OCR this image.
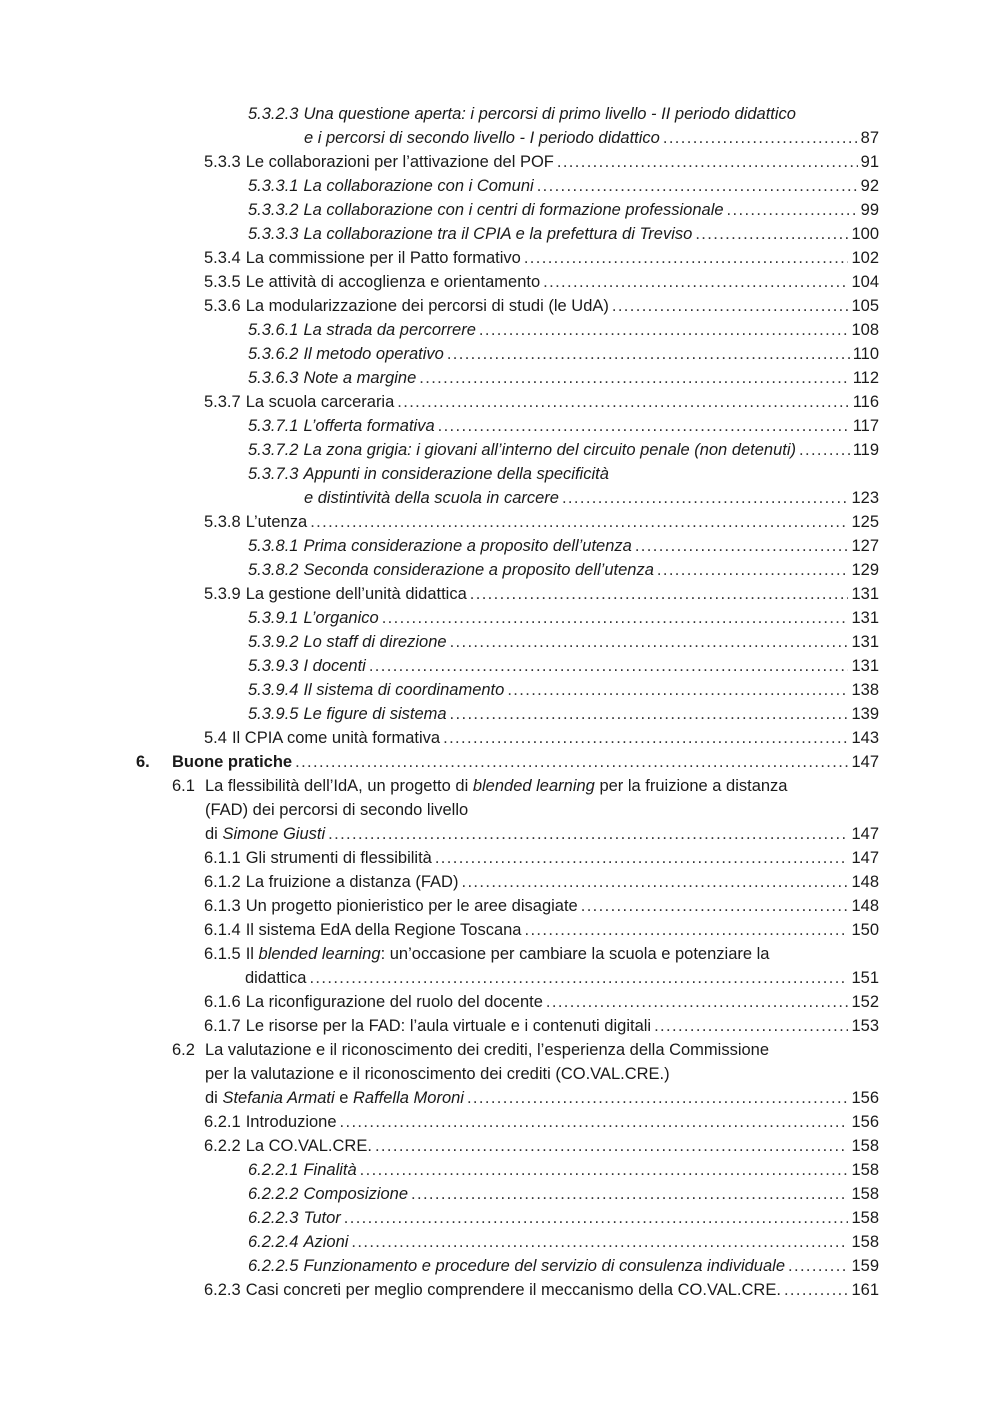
5.3.2.3 Una questione aperta: i percorsi di primo livello - II periodo didattico
e i percorsi di secondo livello - I periodo didattico . . .	87
5.3.3 Le collaborazioni per l’attivazione del POF . . .	91
5.3.3.1 La collaborazione con i Comuni . . .	92
5.3.3.2 La collaborazione con i centri di formazione professionale . . .	99
5.3.3.3 La collaborazione tra il CPIA e la prefettura di Treviso . . .	100
5.3.4 La commissione per il Patto formativo . . .	102
5.3.5 Le attività di accoglienza e orientamento . . .	104
5.3.6 La modularizzazione dei percorsi di studi (le UdA) . . .	105
5.3.6.1 La strada da percorrere . . .	108
5.3.6.2 Il metodo operativo . . .	110
5.3.6.3 Note a margine . . .	112
5.3.7 La scuola carceraria . . .	116
5.3.7.1 L’offerta formativa . . .	117
5.3.7.2 La zona grigia: i giovani all’interno del circuito penale (non detenuti) . . .	119
5.3.7.3 Appunti in considerazione della specificità
e distintività della scuola in carcere . . .	123
5.3.8 L’utenza . . .	125
5.3.8.1 Prima considerazione a proposito dell’utenza . . .	127
5.3.8.2 Seconda considerazione a proposito dell’utenza . . .	129
5.3.9 La gestione dell’unità didattica . . .	131
5.3.9.1 L’organico . . .	131
5.3.9.2 Lo staff di direzione . . .	131
5.3.9.3 I docenti . . .	131
5.3.9.4 Il sistema di coordinamento . . .	138
5.3.9.5 Le figure di sistema . . .	139
5.4 Il CPIA come unità formativa . . .	143
6.	Buone pratiche . . .	147
6.1 La flessibilità dell’IdA, un progetto di blended learning per la fruizione a distanza
(FAD) dei percorsi di secondo livello
di Simone Giusti . . .	147
6.1.1 Gli strumenti di flessibilità . . .	147
6.1.2 La fruizione a distanza (FAD) . . .	148
6.1.3 Un progetto pionieristico per le aree disagiate . . .	148
6.1.4 Il sistema EdA della Regione Toscana . . .	150
6.1.5 Il blended learning: un’occasione per cambiare la scuola e potenziare la
didattica . . .	151
6.1.6 La riconfigurazione del ruolo del docente . . .	152
6.1.7 Le risorse per la FAD: l’aula virtuale e i contenuti digitali . . .	153
6.2 La valutazione e il riconoscimento dei crediti, l’esperienza della Commissione
per la valutazione e il riconoscimento dei crediti (CO.VAL.CRE.)
di Stefania Armati e Raffella Moroni . . .	156
6.2.1 Introduzione . . .	156
6.2.2 La CO.VAL.CRE. . . .	158
6.2.2.1 Finalità . . .	158
6.2.2.2 Composizione . . .	158
6.2.2.3 Tutor . . .	158
6.2.2.4 Azioni . . .	158
6.2.2.5 Funzionamento e procedure del servizio di consulenza individuale . . .	159
6.2.3 Casi concreti per meglio comprendere il meccanismo della CO.VAL.CRE. . . .	161
